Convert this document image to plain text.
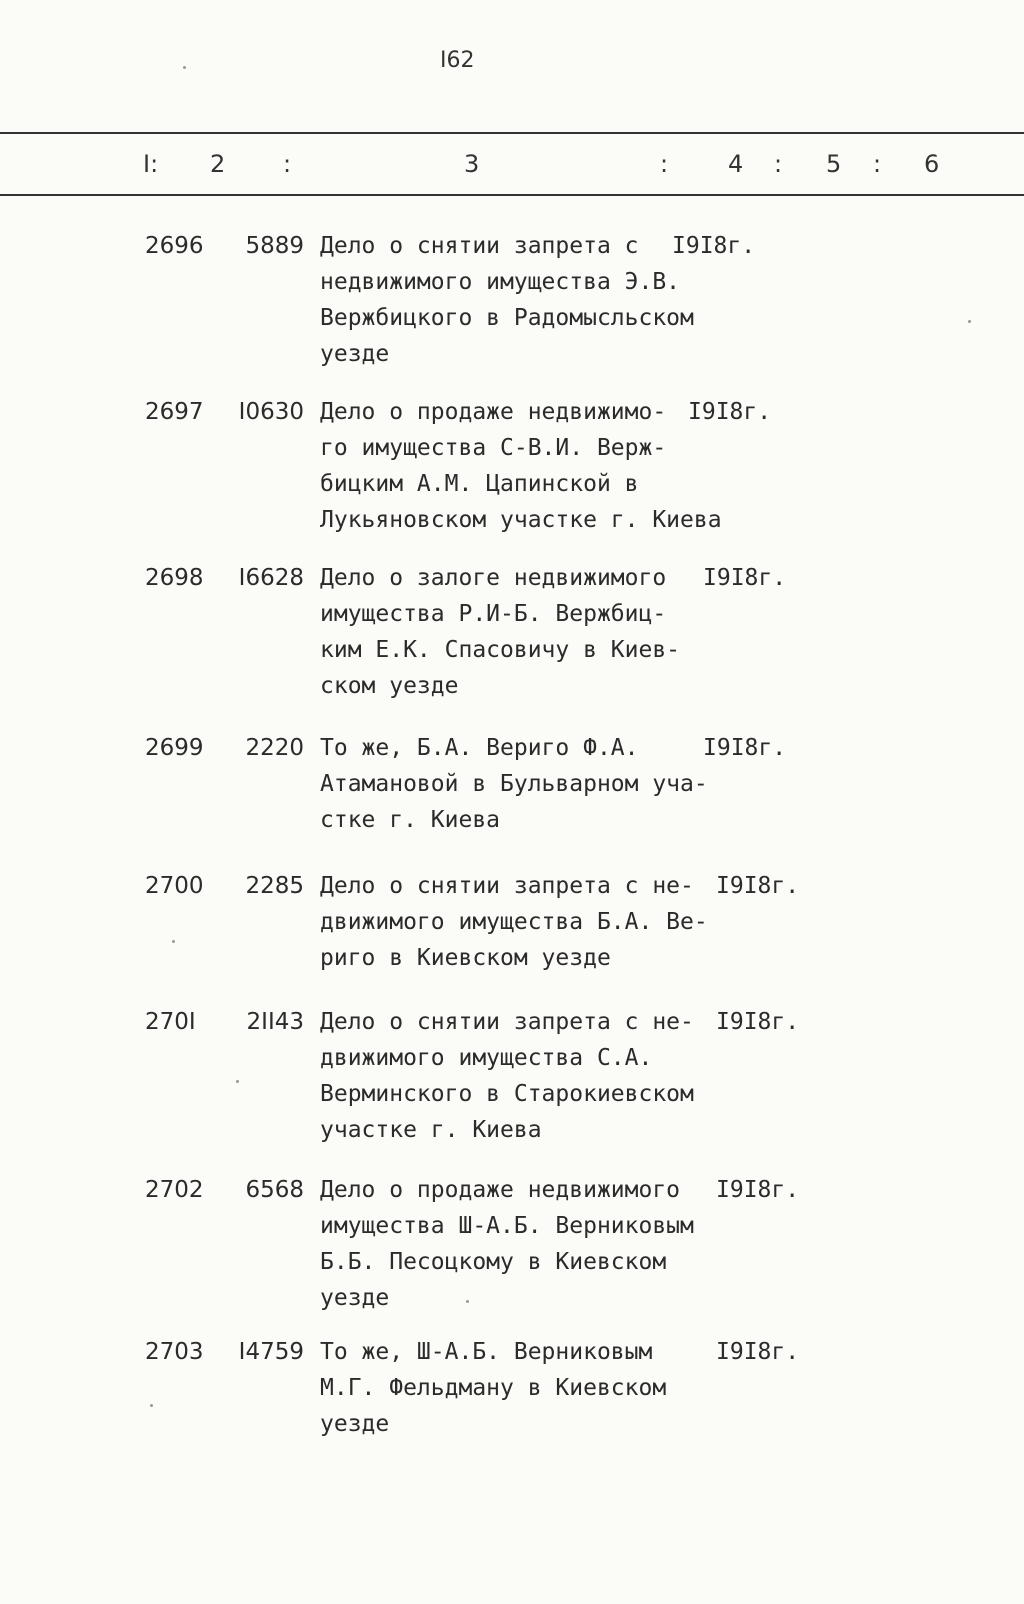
I62
I: 2 :	3	: 4 : 5 : 6
2696	5889 Дело о снятии запрета с
недвижимого имущества Э.В.
Вержбицкого в Радомысльском
уезде
I9I8г.
2697	I0630 Дело о продаже недвижимо-
го имущества С-В.И. Верж-
бицким А.М. Цапинской в
Лукьяновском участке г. Киева
I9I8г.
2698	I6628 Дело о залоге недвижимого
имущества Р.И-Б. Вержбиц-
ким Е.К. Спасовичу в Киев-
ском уезде
I9I8г.
2699	2220 То же, Б.А. Вериго Ф.А.
Атамановой в Бульварном уча-
стке г. Киева
I9I8г.
2700	2285 Дело о снятии запрета с не-
движимого имущества Б.А. Ве-
риго в Киевском уезде
I9I8г.
270I	2II43 Дело о снятии запрета с не-
движимого имущества С.А.
Верминского в Старокиевском
участке г. Киева
I9I8г.
2702	6568 Дело о продаже недвижимого
имущества Ш-А.Б. Верниковым
Б.Б. Песоцкому в Киевском
уезде
I9I8г.
2703	I4759 То же, Ш-А.Б. Верниковым
М.Г. Фельдману в Киевском
уезде
I9I8г.
